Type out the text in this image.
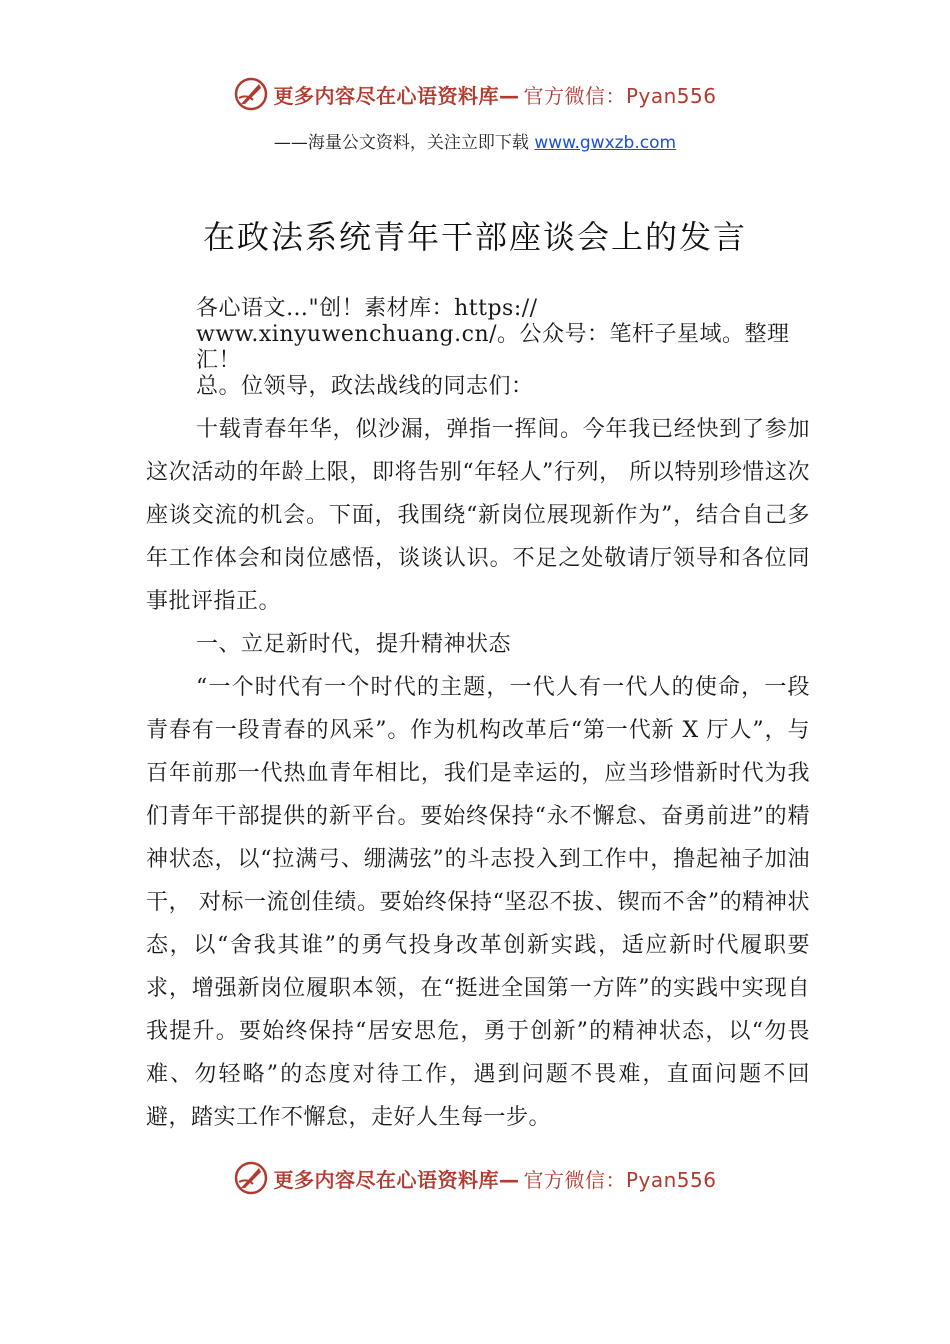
更多内容尽在心语资料库— 官方微信：Pyan556
——海量公文资料，关注立即下载 www.gwxzb.com
在政法系统青年干部座谈会上的发言
各心语文…"创！素材库：https://
www.xinyuwenchuang.cn/。公众号：笔杆子星域。整理汇！
总。位领导，政法战线的同志们：

十载青春年华，似沙漏，弹指一挥间。今年我已经快到了参加这次活动的年龄上限，即将告别“年轻人”行列， 所以特别珍惜这次座谈交流的机会。下面，我围绕“新岗位展现新作为”，结合自己多年工作体会和岗位感悟，谈谈认识。不足之处敬请厅领导和各位同事批评指正。

一、立足新时代，提升精神状态

“一个时代有一个时代的主题，一代人有一代人的使命，一段青春有一段青春的风采”。作为机构改革后“第一代新 X 厅人”，与百年前那一代热血青年相比，我们是幸运的，应当珍惜新时代为我们青年干部提供的新平台。要始终保持“永不懈怠、奋勇前进”的精神状态，以“拉满弓、绷满弦”的斗志投入到工作中，撸起袖子加油干， 对标一流创佳绩。要始终保持“坚忍不拔、锲而不舍”的精神状态，以“舍我其谁”的勇气投身改革创新实践，适应新时代履职要求，增强新岗位履职本领，在“挺进全国第一方阵”的实践中实现自我提升。要始终保持“居安思危，勇于创新”的精神状态，以“勿畏难、勿轻略”的态度对待工作，遇到问题不畏难，直面问题不回避，踏实工作不懈怠，走好人生每一步。

更多内容尽在心语资料库— 官方微信：Pyan556
